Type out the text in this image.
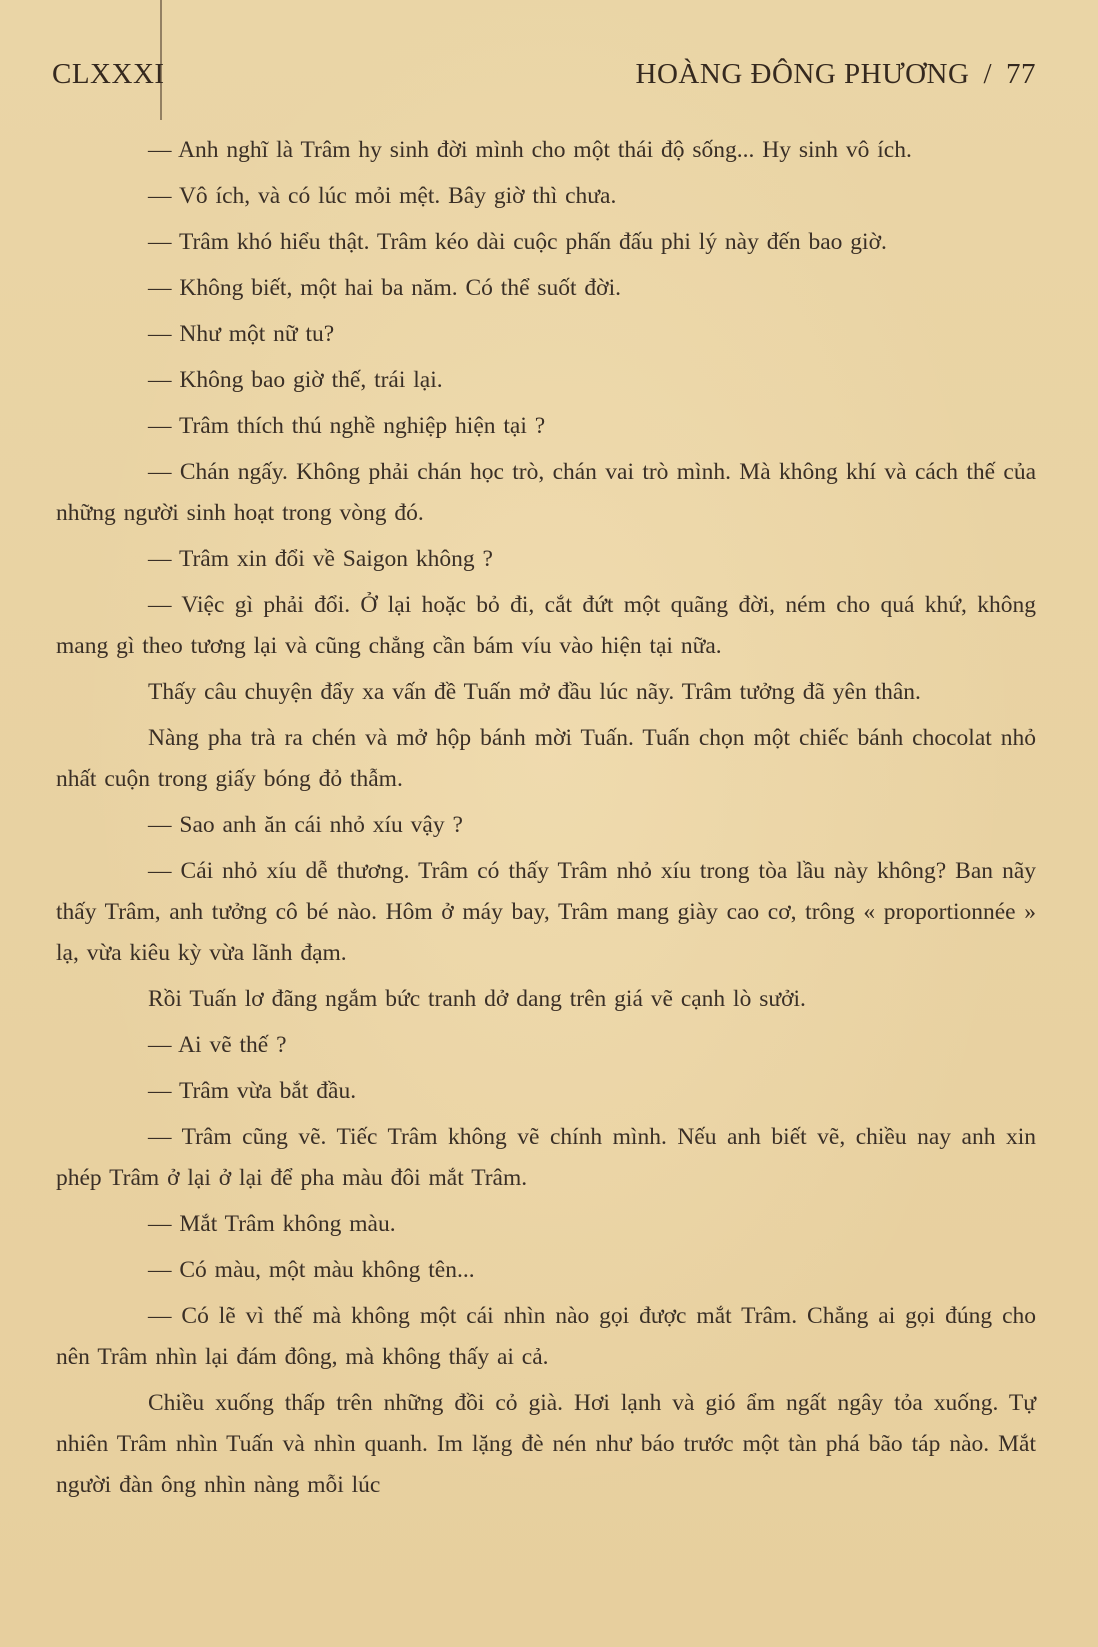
CLXXXI	HOÀNG ĐÔNG PHƯƠNG / 77

— Anh nghĩ là Trâm hy sinh đời mình cho một thái độ sống... Hy sinh vô ích.

— Vô ích, và có lúc mỏi mệt. Bây giờ thì chưa.

— Trâm khó hiểu thật. Trâm kéo dài cuộc phấn đấu phi lý này đến bao giờ.

— Không biết, một hai ba năm. Có thể suốt đời.

— Như một nữ tu?

— Không bao giờ thế, trái lại.

— Trâm thích thú nghề nghiệp hiện tại ?

— Chán ngấy. Không phải chán học trò, chán vai trò mình. Mà không khí và cách thế của những người sinh hoạt trong vòng đó.

— Trâm xin đổi về Saigon không ?

— Việc gì phải đổi. Ở lại hoặc bỏ đi, cắt đứt một quãng đời, ném cho quá khứ, không mang gì theo tương lại và cũng chẳng cần bám víu vào hiện tại nữa.

Thấy câu chuyện đẩy xa vấn đề Tuấn mở đầu lúc nãy. Trâm tưởng đã yên thân.

Nàng pha trà ra chén và mở hộp bánh mời Tuấn. Tuấn chọn một chiếc bánh chocolat nhỏ nhất cuộn trong giấy bóng đỏ thẫm.

— Sao anh ăn cái nhỏ xíu vậy ?

— Cái nhỏ xíu dễ thương. Trâm có thấy Trâm nhỏ xíu trong tòa lầu này không? Ban nãy thấy Trâm, anh tưởng cô bé nào. Hôm ở máy bay, Trâm mang giày cao cơ, trông « proportionnée » lạ, vừa kiêu kỳ vừa lãnh đạm.

Rồi Tuấn lơ đãng ngắm bức tranh dở dang trên giá vẽ cạnh lò sưởi.

— Ai vẽ thế ?

— Trâm vừa bắt đầu.

— Trâm cũng vẽ. Tiếc Trâm không vẽ chính mình. Nếu anh biết vẽ, chiều nay anh xin phép Trâm ở lại ở lại để pha màu đôi mắt Trâm.

— Mắt Trâm không màu.

— Có màu, một màu không tên...

— Có lẽ vì thế mà không một cái nhìn nào gọi được mắt Trâm. Chẳng ai gọi đúng cho nên Trâm nhìn lại đám đông, mà không thấy ai cả.

Chiều xuống thấp trên những đồi cỏ già. Hơi lạnh và gió ẩm ngất ngây tỏa xuống. Tự nhiên Trâm nhìn Tuấn và nhìn quanh. Im lặng đè nén như báo trước một tàn phá bão táp nào. Mắt người đàn ông nhìn nàng mỗi lúc
